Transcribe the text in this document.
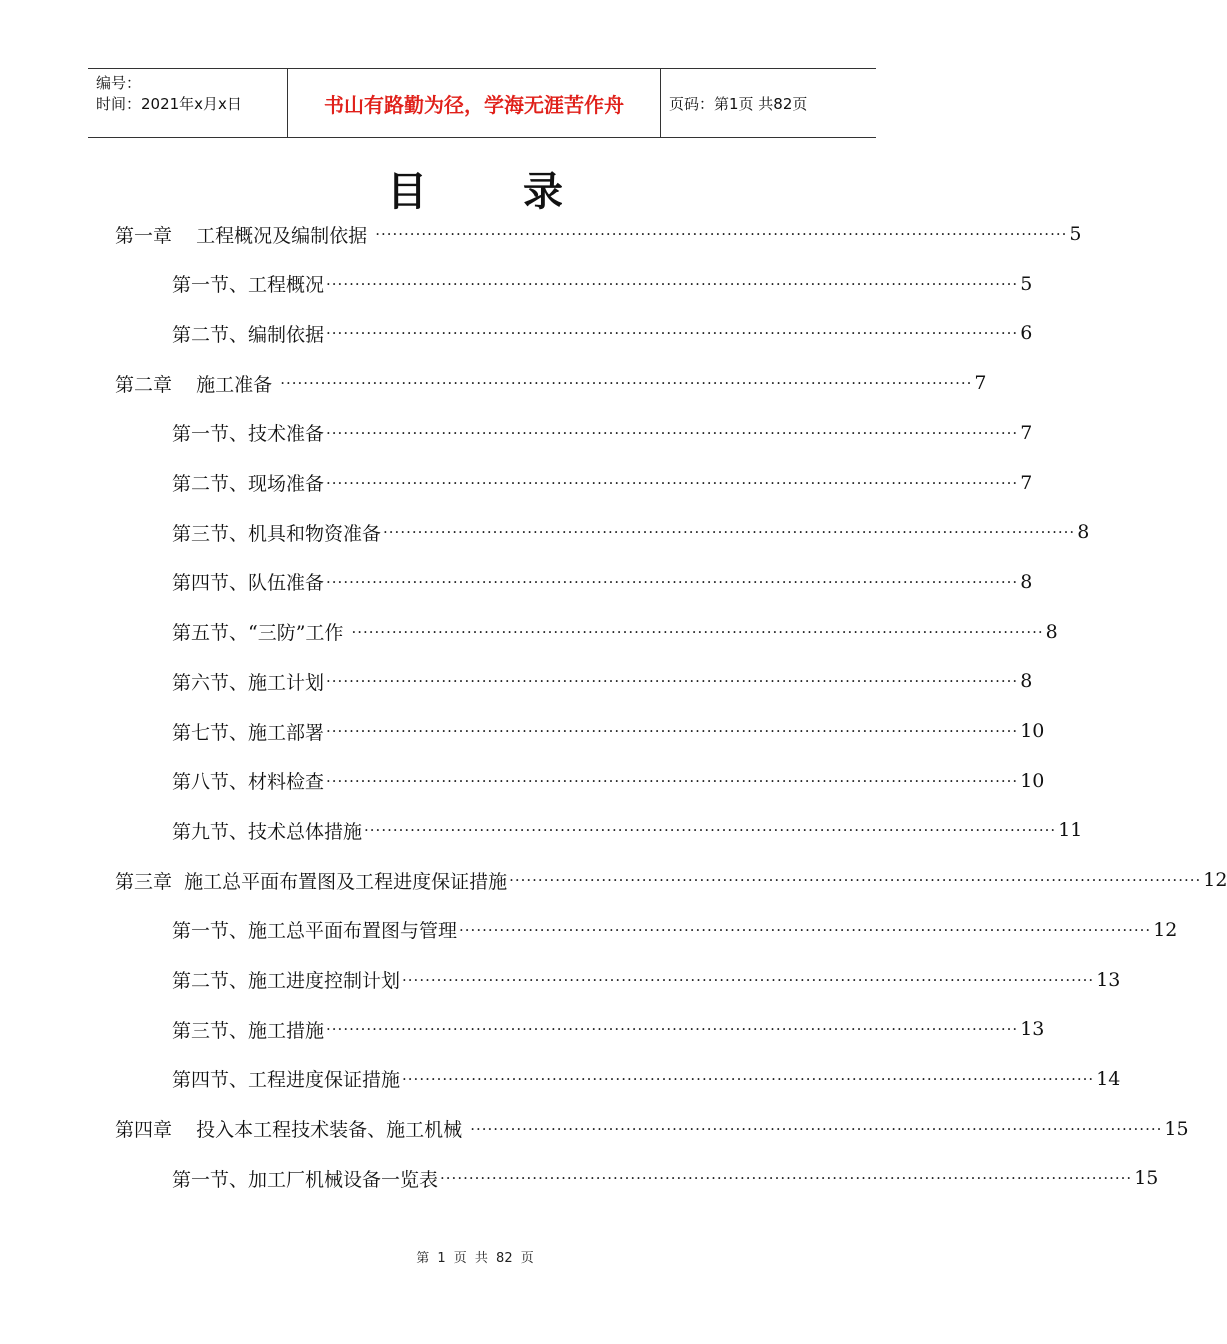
编号：
时间：2021年x月x日	书山有路勤为径，学海无涯苦作舟	页码：第1页 共82页
目录
第一章    工程概况及编制依据 ························································································································ 5
第一节、工程概况 ························································································································ 5
第二节、编制依据 ························································································································ 6
第二章    施工准备 ························································································································ 7
第一节、技术准备 ························································································································ 7
第二节、现场准备 ························································································································ 7
第三节、机具和物资准备 ························································································································ 8
第四节、队伍准备 ························································································································ 8
第五节、“三防”工作 ························································································································ 8
第六节、施工计划 ························································································································ 8
第七节、施工部署 ························································································································ 10
第八节、材料检查 ························································································································ 10
第九节、技术总体措施 ························································································································ 11
第三章  施工总平面布置图及工程进度保证措施 ························································································································ 12
第一节、施工总平面布置图与管理 ························································································································ 12
第二节、施工进度控制计划 ························································································································ 13
第三节、施工措施 ························································································································ 13
第四节、工程进度保证措施 ························································································································ 14
第四章    投入本工程技术装备、施工机械 ························································································································ 15
第一节、加工厂机械设备一览表 ························································································································ 15
第 1 页 共 82 页
